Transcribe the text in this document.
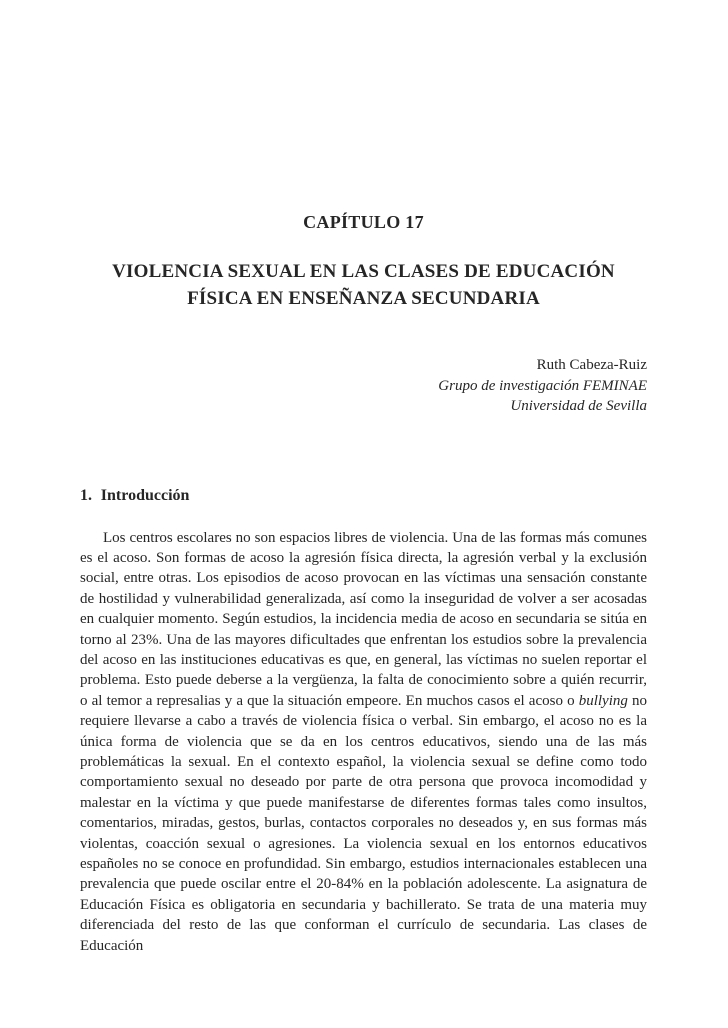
CAPÍTULO 17
VIOLENCIA SEXUAL EN LAS CLASES DE EDUCACIÓN
FÍSICA EN ENSEÑANZA SECUNDARIA
Ruth Cabeza-Ruiz
Grupo de investigación FEMINAE
Universidad de Sevilla
1. Introducción

Los centros escolares no son espacios libres de violencia. Una de las formas más comunes es el acoso. Son formas de acoso la agresión física directa, la agresión verbal y la exclusión social, entre otras. Los episodios de acoso provocan en las víctimas una sensación constante de hostilidad y vulnerabilidad generalizada, así como la inseguridad de volver a ser acosadas en cualquier momento. Según estudios, la incidencia media de acoso en secundaria se sitúa en torno al 23%. Una de las mayores dificultades que enfrentan los estudios sobre la prevalencia del acoso en las instituciones educativas es que, en general, las víctimas no suelen reportar el problema. Esto puede deberse a la vergüenza, la falta de conocimiento sobre a quién recurrir, o al temor a represalias y a que la situación empeore. En muchos casos el acoso o bullying no requiere llevarse a cabo a través de violencia física o verbal. Sin embargo, el acoso no es la única forma de violencia que se da en los centros educativos, siendo una de las más problemáticas la sexual. En el contexto español, la violencia sexual se define como todo comportamiento sexual no deseado por parte de otra persona que provoca incomodidad y malestar en la víctima y que puede manifestarse de diferentes formas tales como insultos, comentarios, miradas, gestos, burlas, contactos corporales no deseados y, en sus formas más violentas, coacción sexual o agresiones. La violencia sexual en los entornos educativos españoles no se conoce en profundidad. Sin embargo, estudios internacionales establecen una prevalencia que puede oscilar entre el 20-84% en la población adolescente. La asignatura de Educación Física es obligatoria en secundaria y bachillerato. Se trata de una materia muy diferenciada del resto de las que conforman el currículo de secundaria. Las clases de Educación
